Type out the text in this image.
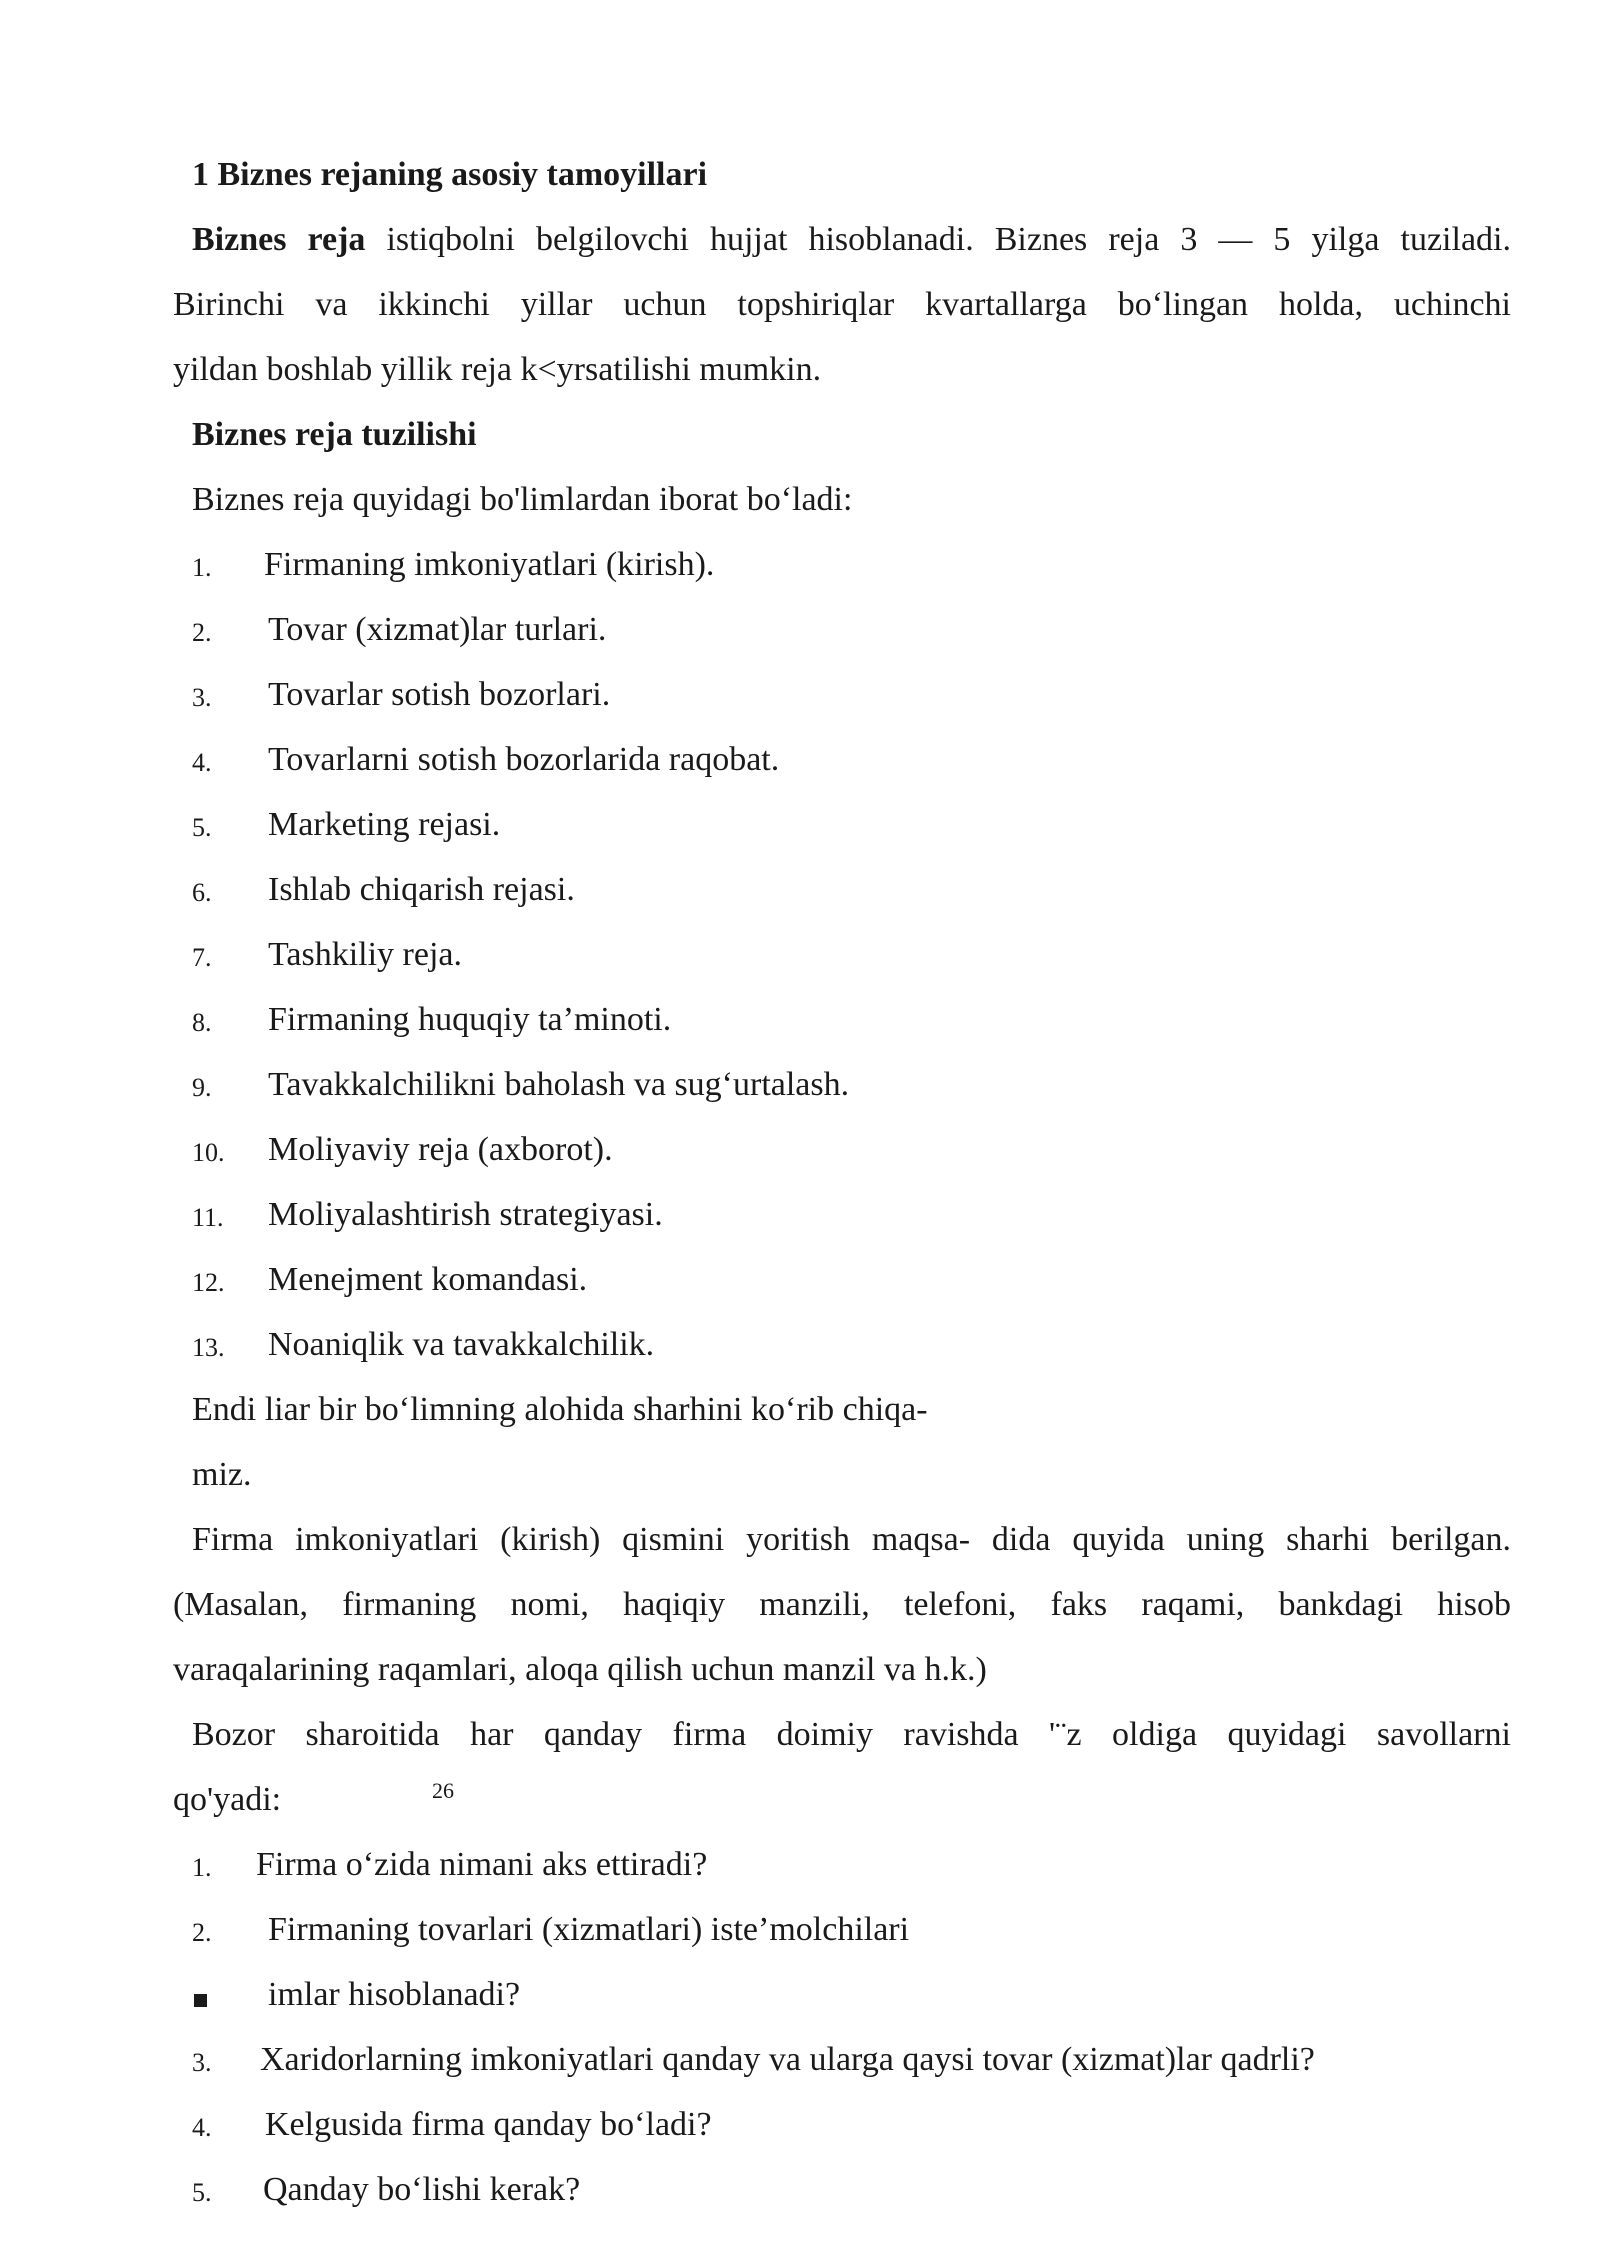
1 Biznes rejaning asosiy tamoyillari
Biznes reja istiqbolni belgilovchi hujjat hisoblanadi. Biznes reja 3 — 5 yilga tuziladi.
Birinchi va ikkinchi yillar uchun topshiriqlar kvartallarga bo‘lingan holda, uchinchi
yildan boshlab yillik reja k<yrsatilishi mumkin.
Biznes reja tuzilishi
Biznes reja quyidagi bo'limlardan iborat bo‘ladi:
1. Firmaning imkoniyatlari (kirish).
2. Tovar (xizmat)lar turlari.
3. Tovarlar sotish bozorlari.
4. Tovarlarni sotish bozorlarida raqobat.
5. Marketing rejasi.
6. Ishlab chiqarish rejasi.
7. Tashkiliy reja.
8. Firmaning huquqiy ta’minoti.
9. Tavakkalchilikni baholash va sug‘urtalash.
10. Moliyaviy reja (axborot).
11. Moliyalashtirish strategiyasi.
12. Menejment komandasi.
13. Noaniqlik va tavakkalchilik.
Endi liar bir bo‘limning alohida sharhini ko‘rib chiqa-
miz.
Firma imkoniyatlari (kirish) qismini yoritish maqsa- dida quyida uning sharhi berilgan.
(Masalan, firmaning nomi, haqiqiy manzili, telefoni, faks raqami, bankdagi hisob
varaqalarining raqamlari, aloqa qilish uchun manzil va h.k.)
Bozor sharoitida har qanday firma doimiy ravishda '¨z oldiga quyidagi savollarni
qo'yadi:	26
1. Firma o‘zida nimani aks ettiradi?
2. Firmaning tovarlari (xizmatlari) iste’molchilari
imlar hisoblanadi?
3. Xaridorlarning imkoniyatlari qanday va ularga qaysi tovar (xizmat)lar qadrli?
4. Kelgusida firma qanday bo‘ladi?
5. Qanday bo‘lishi kerak?
